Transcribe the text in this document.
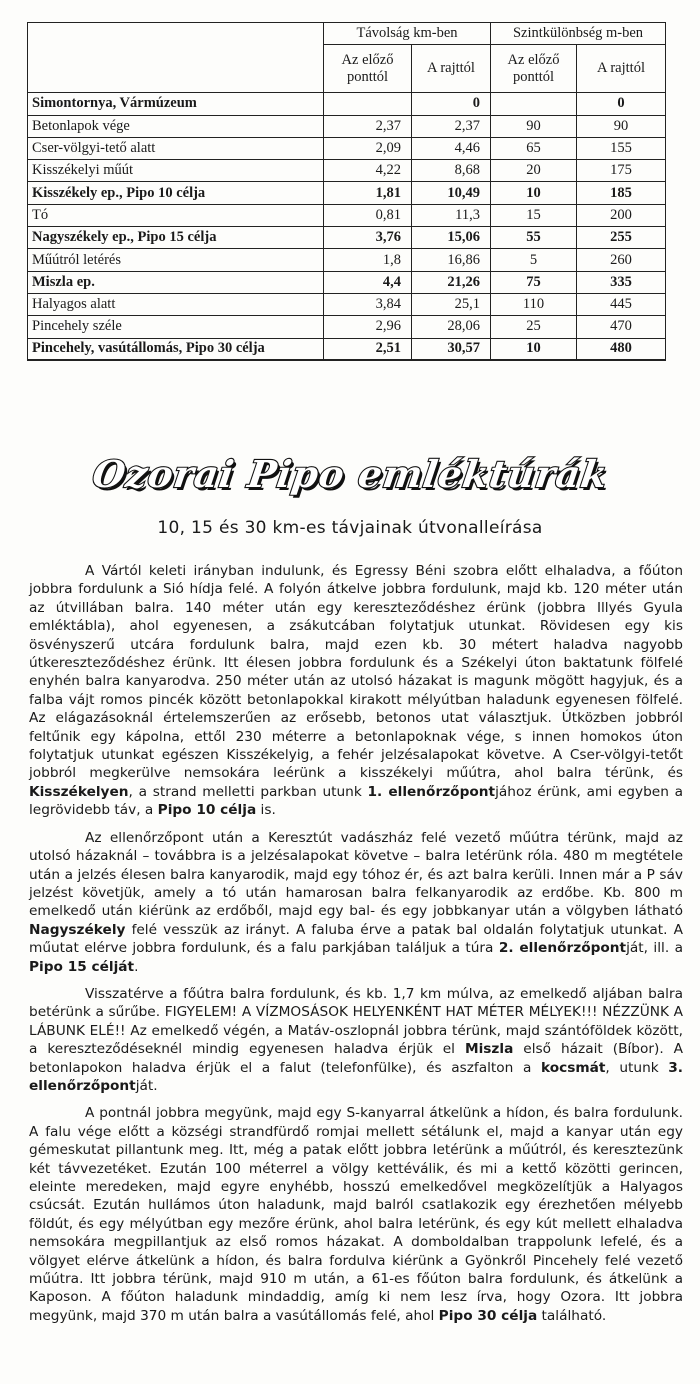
	Távolság km-ben		Szintkülönbség m-ben	
	Az előző ponttól	A rajttól	Az előző ponttól	A rajttól
Simontornya, Vármúzeum		0		0
Betonlapok vége	2,37	2,37	90	90
Cser-völgyi-tető alatt	2,09	4,46	65	155
Kisszékelyi műút	4,22	8,68	20	175
Kisszékely ep., Pipo 10 célja	1,81	10,49	10	185
Tó	0,81	11,3	15	200
Nagyszékely ep., Pipo 15 célja	3,76	15,06	55	255
Műútról letérés	1,8	16,86	5	260
Miszla ep.	4,4	21,26	75	335
Halyagos alatt	3,84	25,1	110	445
Pincehely széle	2,96	28,06	25	470
Pincehely, vasútállomás, Pipo 30 célja	2,51	30,57	10	480
Ozorai Pipo emléktúrák
10, 15 és 30 km-es távjainak útvonalleírása

A Vártól keleti irányban indulunk, és Egressy Béni szobra előtt elhaladva, a főúton jobbra fordulunk a Sió hídja felé. A folyón átkelve jobbra fordulunk, majd kb. 120 méter után az útvillában balra. 140 méter után egy kereszteződéshez érünk (jobbra Illyés Gyula emléktábla), ahol egyenesen, a zsákutcában folytatjuk utunkat. Rövidesen egy kis ösvényszerű utcára fordulunk balra, majd ezen kb. 30 métert haladva nagyobb útkereszteződéshez érünk. Itt élesen jobbra fordulunk és a Székelyi úton baktatunk fölfelé enyhén balra kanyarodva. 250 méter után az utolsó házakat is magunk mögött hagyjuk, és a falba vájt romos pincék között betonlapokkal kirakott mélyútban haladunk egyenesen fölfelé. Az elágazásoknál értelemszerűen az erősebb, betonos utat választjuk. Útközben jobbról feltűnik egy kápolna, ettől 230 méterre a betonlapoknak vége, s innen homokos úton folytatjuk utunkat egészen Kisszékelyig, a fehér jelzésalapokat követve. A Cser-völgyi-tetőt jobbról megkerülve nemsokára leérünk a kisszékelyi műútra, ahol balra térünk, és Kisszékelyen, a strand melletti parkban utunk 1. ellenőrzőpontjához érünk, ami egyben a legrövidebb táv, a Pipo 10 célja is.

Az ellenőrzőpont után a Keresztút vadászház felé vezető műútra térünk, majd az utolsó házaknál – továbbra is a jelzésalapokat követve – balra letérünk róla. 480 m megtétele után a jelzés élesen balra kanyarodik, majd egy tóhoz ér, és azt balra kerüli. Innen már a P sáv jelzést követjük, amely a tó után hamarosan balra felkanyarodik az erdőbe. Kb. 800 m emelkedő után kiérünk az erdőből, majd egy bal- és egy jobbkanyar után a völgyben látható Nagyszékely felé vesszük az irányt. A faluba érve a patak bal oldalán folytatjuk utunkat. A műutat elérve jobbra fordulunk, és a falu parkjában találjuk a túra 2. ellenőrzőpontját, ill. a Pipo 15 célját.

Visszatérve a főútra balra fordulunk, és kb. 1,7 km múlva, az emelkedő aljában balra betérünk a sűrűbe. FIGYELEM! A VÍZMOSÁSOK HELYENKÉNT HAT MÉTER MÉLYEK!!! NÉZZÜNK A LÁBUNK ELÉ!! Az emelkedő végén, a Matáv-oszlopnál jobbra térünk, majd szántóföldek között, a kereszteződéseknél mindig egyenesen haladva érjük el Miszla első házait (Bíbor). A betonlapokon haladva érjük el a falut (telefonfülke), és aszfalton a kocsmát, utunk 3. ellenőrzőpontját.

A pontnál jobbra megyünk, majd egy S-kanyarral átkelünk a hídon, és balra fordulunk. A falu vége előtt a községi strandfürdő romjai mellett sétálunk el, majd a kanyar után egy gémeskutat pillantunk meg. Itt, még a patak előtt jobbra letérünk a műútról, és keresztezünk két távvezetéket. Ezután 100 méterrel a völgy kettéválik, és mi a kettő közötti gerincen, eleinte meredeken, majd egyre enyhébb, hosszú emelkedővel megközelítjük a Halyagos csúcsát. Ezután hullámos úton haladunk, majd balról csatlakozik egy érezhetően mélyebb földút, és egy mélyútban egy mezőre érünk, ahol balra letérünk, és egy kút mellett elhaladva nemsokára megpillantjuk az első romos házakat. A domboldalban trappolunk lefelé, és a völgyet elérve átkelünk a hídon, és balra fordulva kiérünk a Gyönkről Pincehely felé vezető műútra. Itt jobbra térünk, majd 910 m után, a 61-es főúton balra fordulunk, és átkelünk a Kaposon. A főúton haladunk mindaddig, amíg ki nem lesz írva, hogy Ozora. Itt jobbra megyünk, majd 370 m után balra a vasútállomás felé, ahol Pipo 30 célja található.
